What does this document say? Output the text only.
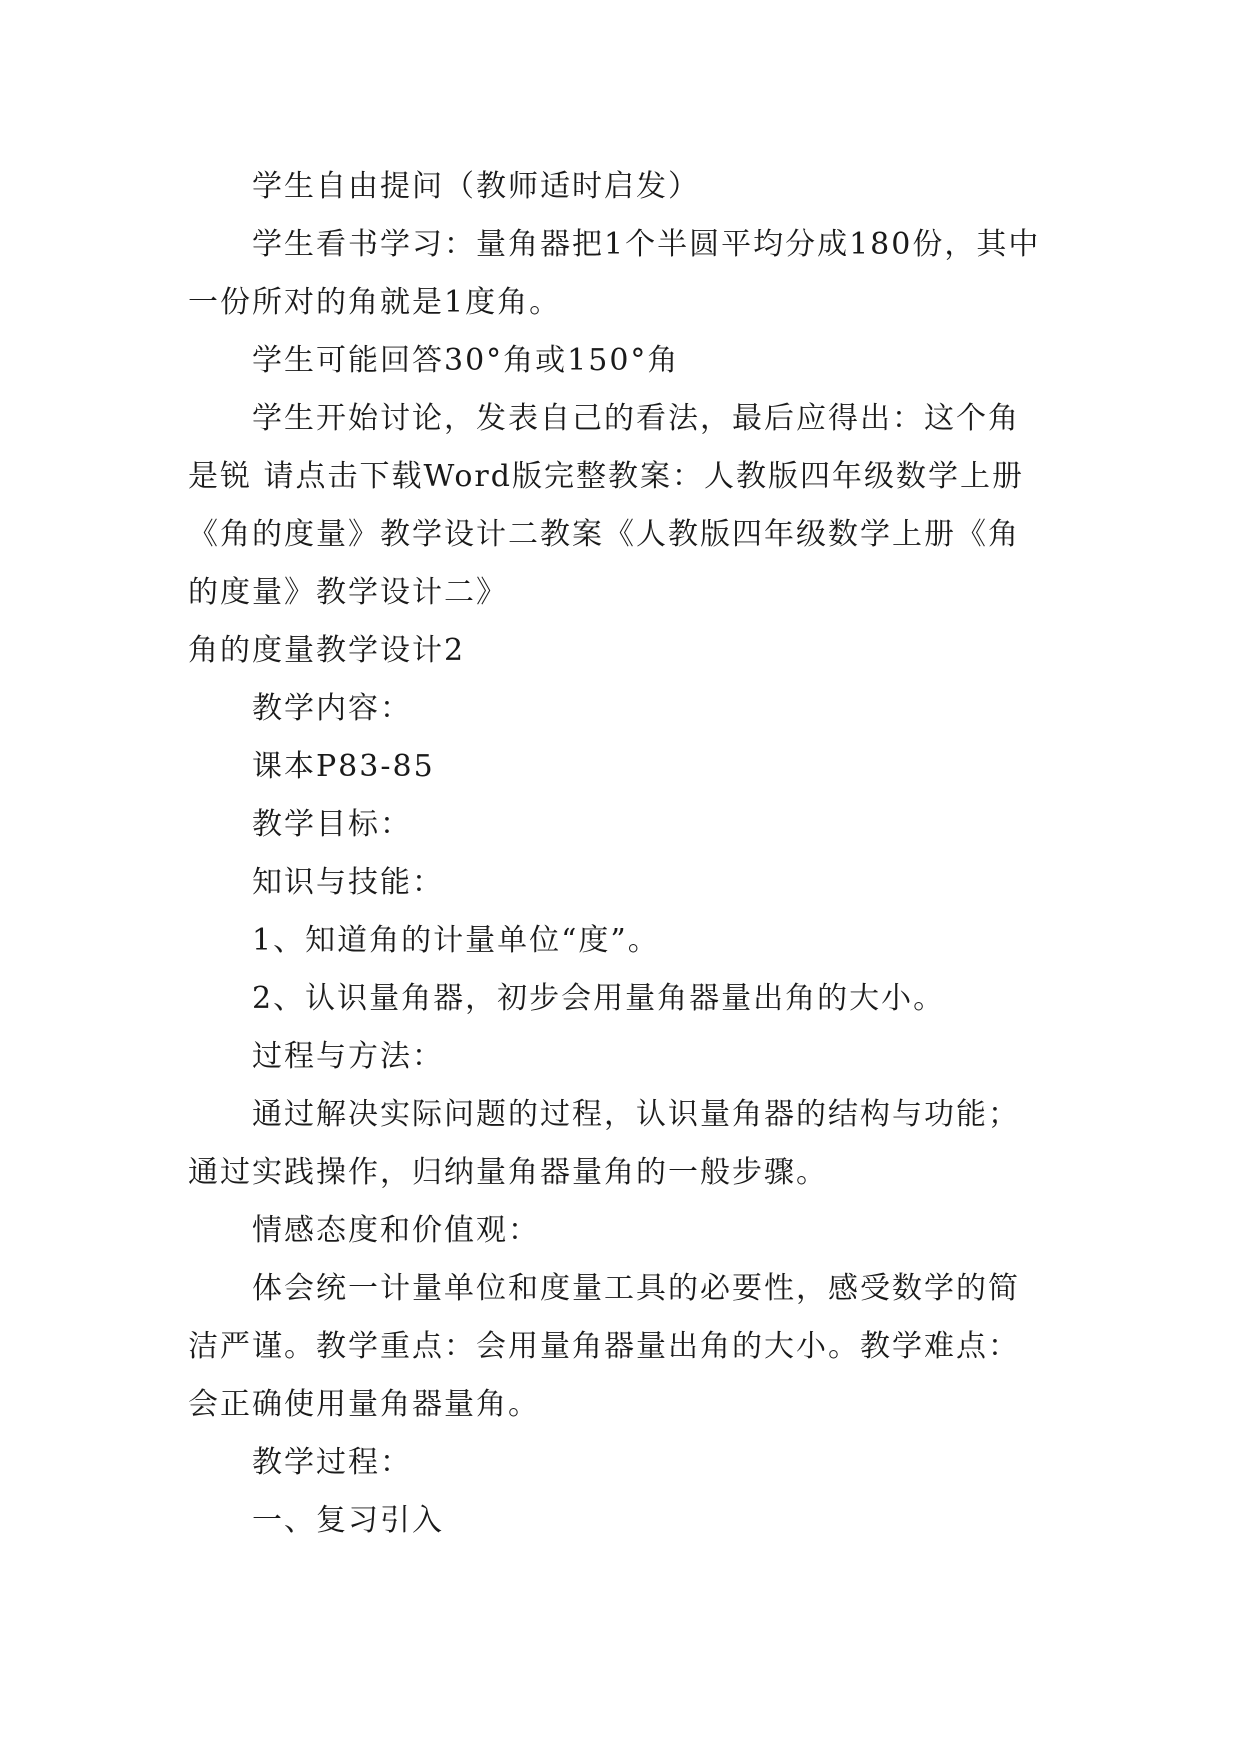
学生自由提问（教师适时启发）

学生看书学习：量角器把1个半圆平均分成180份，其中一份所对的角就是1度角。

学生可能回答30°角或150°角

学生开始讨论，发表自己的看法，最后应得出：这个角是锐 请点击下载Word版完整教案：人教版四年级数学上册《角的度量》教学设计二教案《人教版四年级数学上册《角的度量》教学设计二》

角的度量教学设计2

教学内容：

课本P83-85

教学目标：

知识与技能：

1、知道角的计量单位“度”。

2、认识量角器，初步会用量角器量出角的大小。

过程与方法：

通过解决实际问题的过程，认识量角器的结构与功能；通过实践操作，归纳量角器量角的一般步骤。

情感态度和价值观：

体会统一计量单位和度量工具的必要性，感受数学的简洁严谨。教学重点：会用量角器量出角的大小。教学难点：会正确使用量角器量角。

教学过程：

一、复习引入
